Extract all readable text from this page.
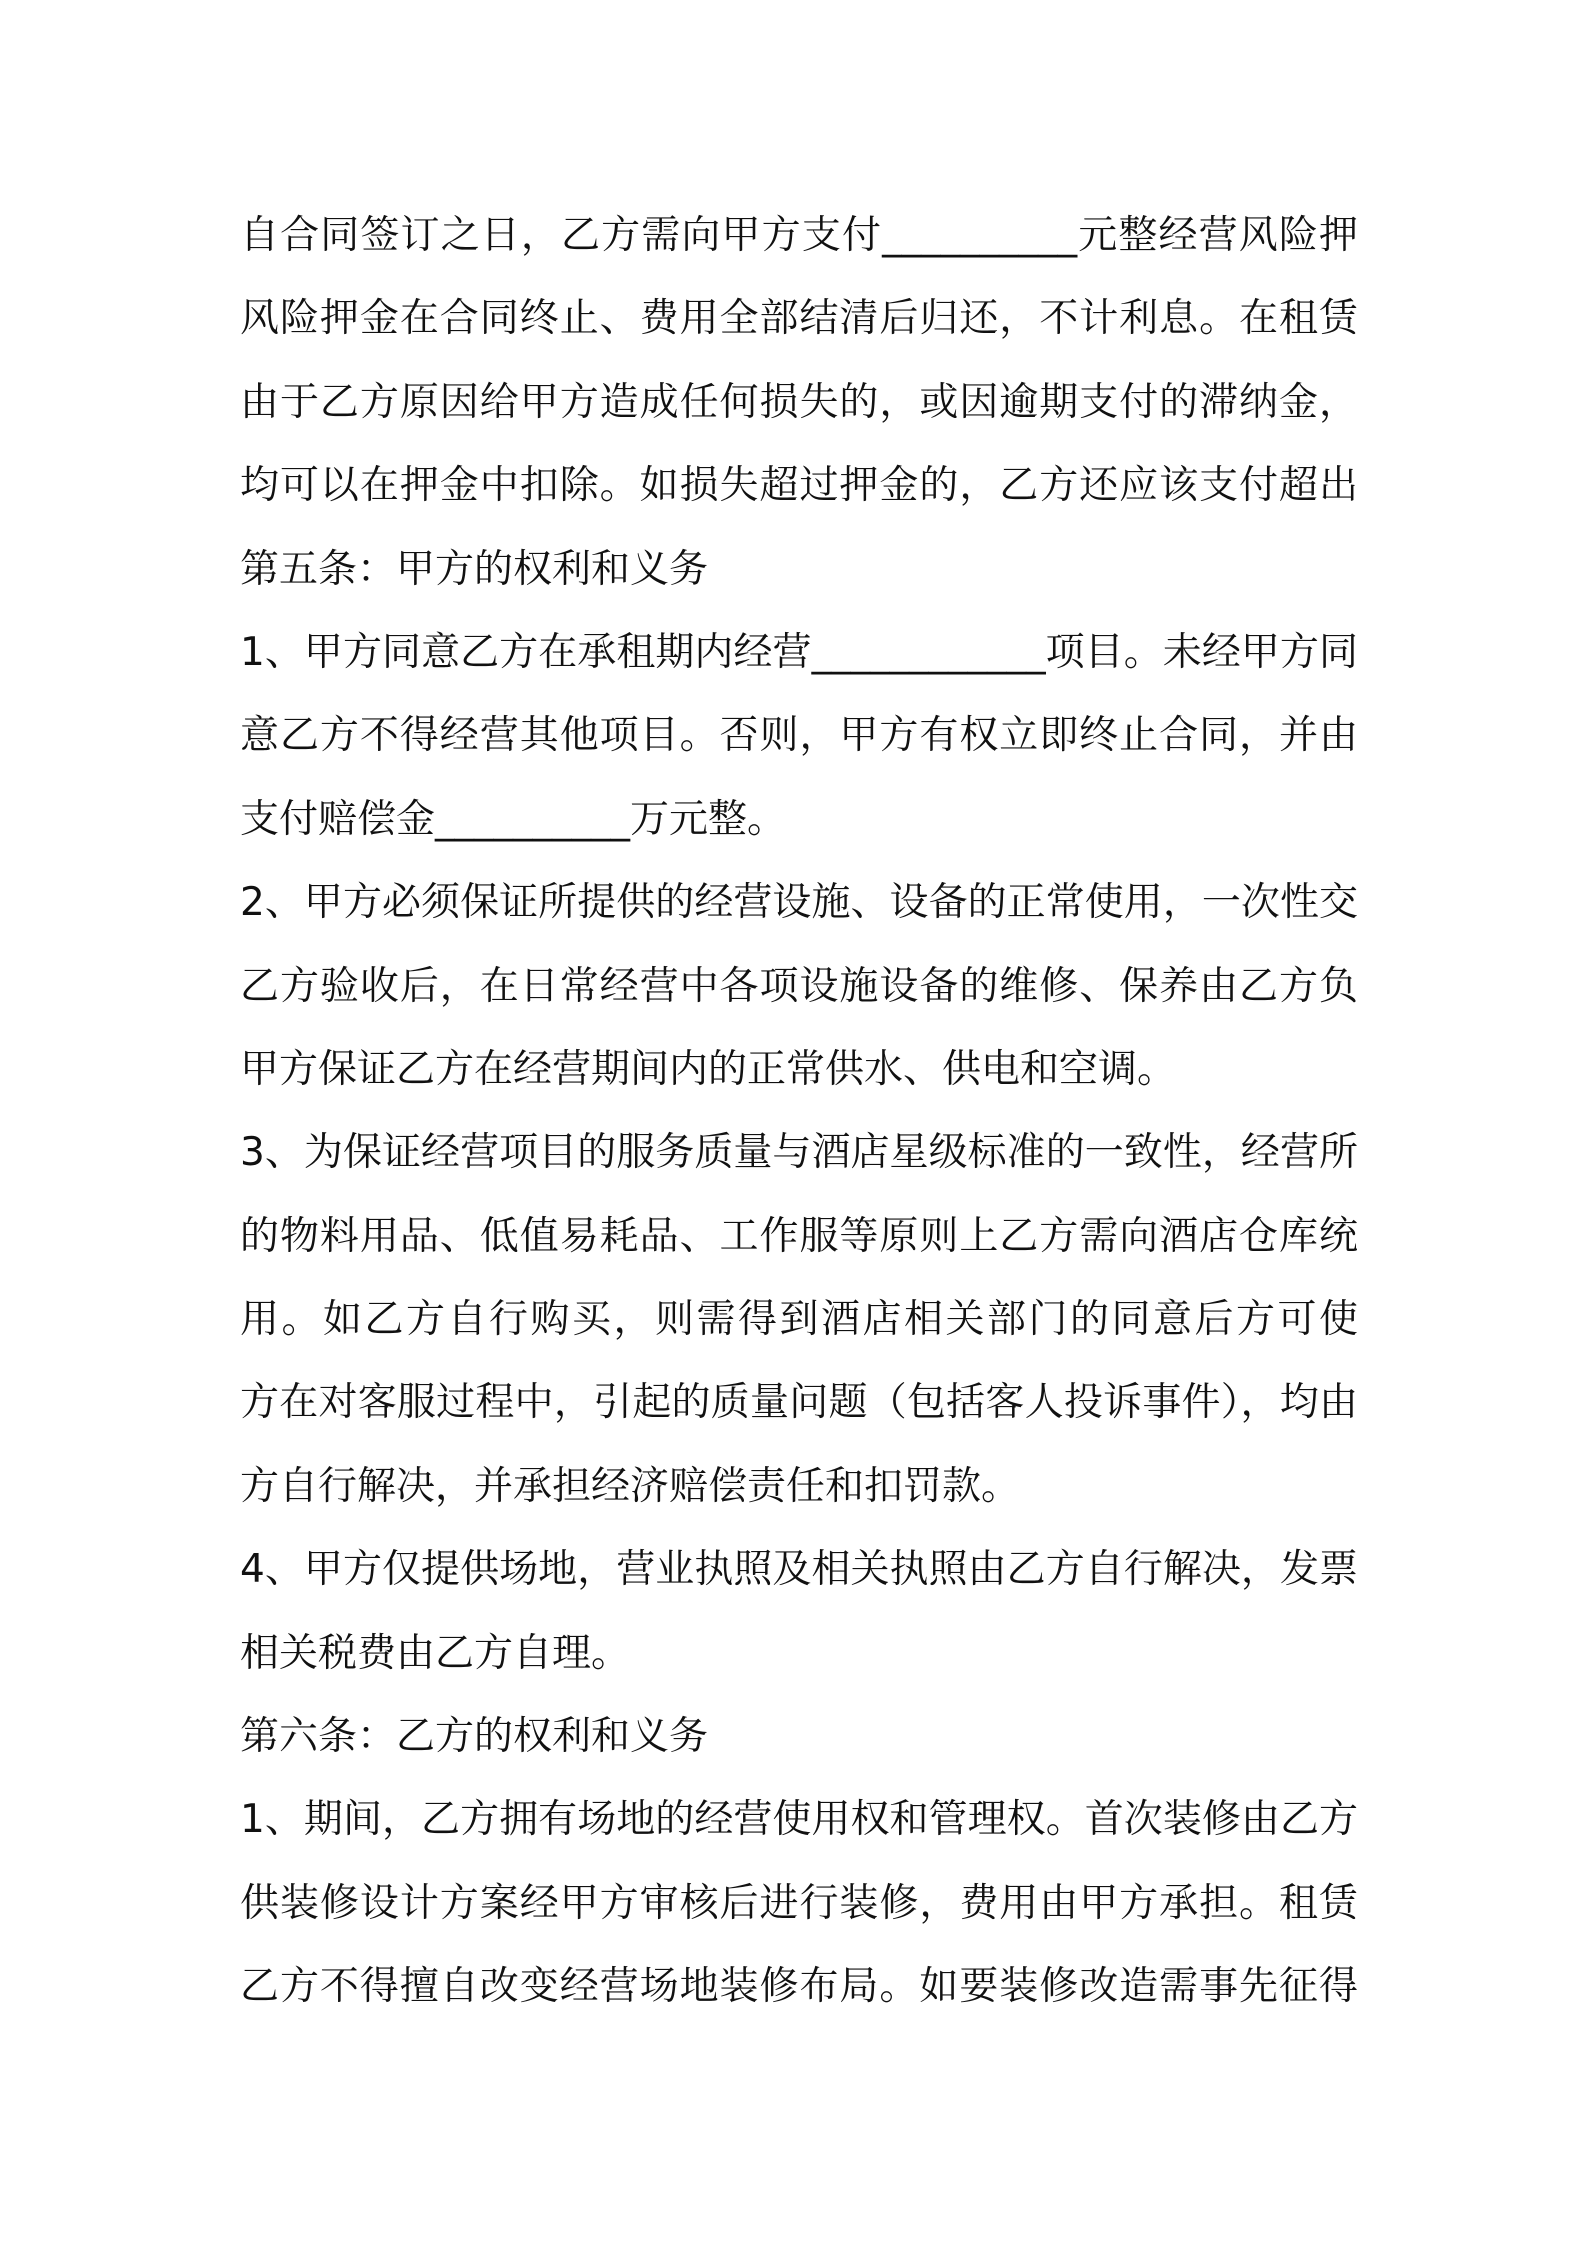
自合同签订之日，乙方需向甲方支付__________元整经营风险押
风险押金在合同终止、费用全部结清后归还，不计利息。在租赁
由于乙方原因给甲方造成任何损失的，或因逾期支付的滞纳金，
均可以在押金中扣除。如损失超过押金的，乙方还应该支付超出
第五条：甲方的权利和义务
1、甲方同意乙方在承租期内经营____________项目。未经甲方同
意乙方不得经营其他项目。否则，甲方有权立即终止合同，并由
支付赔偿金__________万元整。
2、甲方必须保证所提供的经营设施、设备的正常使用，一次性交
乙方验收后，在日常经营中各项设施设备的维修、保养由乙方负
甲方保证乙方在经营期间内的正常供水、供电和空调。
3、为保证经营项目的服务质量与酒店星级标准的一致性，经营所
的物料用品、低值易耗品、工作服等原则上乙方需向酒店仓库统
用。如乙方自行购买，则需得到酒店相关部门的同意后方可使
方在对客服过程中，引起的质量问题（包括客人投诉事件），均由
方自行解决，并承担经济赔偿责任和扣罚款。
4、甲方仅提供场地，营业执照及相关执照由乙方自行解决，发票
相关税费由乙方自理。
第六条：乙方的权利和义务
1、期间，乙方拥有场地的经营使用权和管理权。首次装修由乙方
供装修设计方案经甲方审核后进行装修，费用由甲方承担。租赁
乙方不得擅自改变经营场地装修布局。如要装修改造需事先征得
